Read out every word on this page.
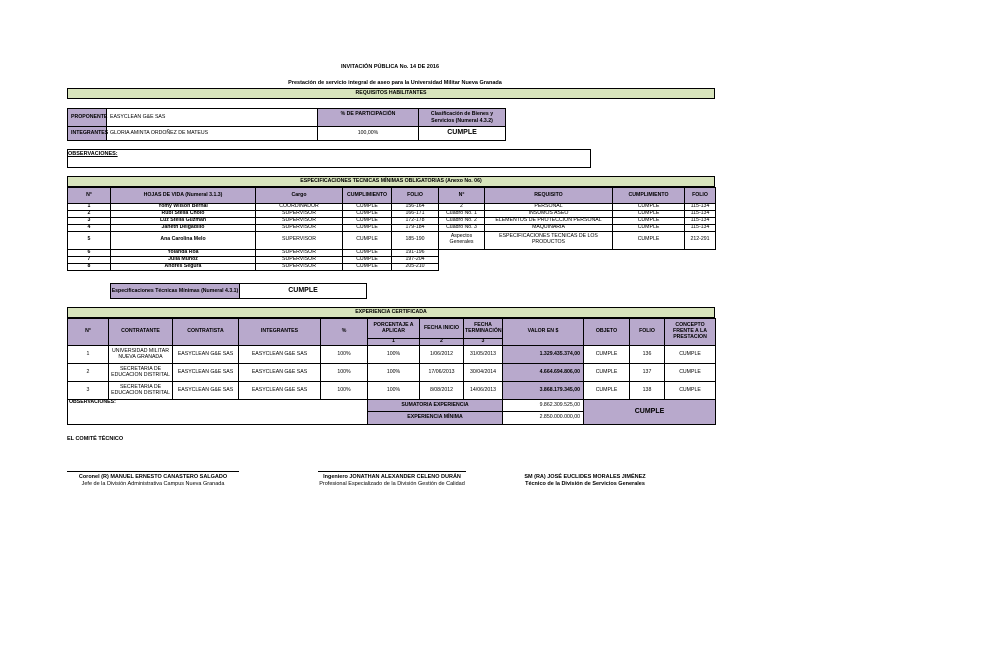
INVITACIÓN PÚBLICA No. 14 DE 2016
Prestación de servicio integral de aseo para la Universidad Militar Nueva Granada
REQUISITOS HABILITANTES
PROPONENTE EASYCLEAN G&E SAS
% DE PARTICIPACIÓN	Clasificación de Bienes y Servicios (Numeral 4.3.2)
INTEGRANTES GLORIA AMINTA ORDOÑEZ DE MATEUS	100,00%	CUMPLE
OBSERVACIONES:
ESPECIFICACIONES TECNICAS MÍNIMAS OBLIGATORIAS (Anexo No. 06)
N°	HOJAS DE VIDA (Numeral 3.1.3)	Cargo	CUMPLIMIENTO	FOLIO	N°	REQUISITO	CUMPLIMIENTO	FOLIO
1	Yomy Wilson Bernal	COORDINADOR	CUMPLE	156-164	2	PERSONAL	CUMPLE	115-134
2	Rubi Stella Cholo	SUPERVISOR	CUMPLE	166-171	Cuadro No. 1	INSUMOS ASEO	CUMPLE	115-134
3	Luz Stella Guzman	SUPERVISOR	CUMPLE	172-178	Cuadro No. 2	ELEMENTOS DE PROTECCION PERSONAL	CUMPLE	115-134
4	Janeth Delgadillo	SUPERVISOR	CUMPLE	179-184	Cuadro No. 3	MAQUINARIA	CUMPLE	115-134
5	Ana Carolina Melo	SUPERVISOR	CUMPLE	185-190	Aspectos Generales	ESPECIFICACIONES TECNICAS DE LOS PRODUCTOS	CUMPLE	212-291
6	Yolanda Roa	SUPERVISOR	CUMPLE	191-196				
7	Julia Muñoz	SUPERVISOR	CUMPLE	197-204				
8	Andres Segura	SUPERVISOR	CUMPLE	205-210				
Especificaciones Técnicas Mínimas (Numeral 4.3.1)	CUMPLE
EXPERIENCIA CERTIFICADA
N°	CONTRATANTE	CONTRATISTA	INTEGRANTES	%	PORCENTAJE A APLICAR	FECHA INICIO	FECHA TERMINACIÓN	VALOR EN $	OBJETO	FOLIO	CONCEPTO FRENTE A LA PRESTACION
					1	2	3				
1	UNIVERSIDAD MILITAR NUEVA GRANADA	EASYCLEAN G&E SAS	EASYCLEAN G&E SAS	100%	100%	1/06/2012	31/05/2013	1.329.435.374,00	CUMPLE	136	CUMPLE
2	SECRETARIA DE EDUCACION DISTRITAL	EASYCLEAN G&E SAS	EASYCLEAN G&E SAS	100%	100%	17/06/2013	30/04/2014	4.664.694.806,00	CUMPLE	137	CUMPLE
3	SECRETARIA DE EDUCACION DISTRITAL	EASYCLEAN G&E SAS	EASYCLEAN G&E SAS	100%	100%	8/08/2012	14/06/2013	3.868.179.345,00	CUMPLE	138	CUMPLE
OBSERVACIONES:					SUMATORIA EXPERIENCIA			9.862.309.525,00	CUMPLE		
					EXPERIENCIA MÍNIMA			2.850.000.000,00			
EL COMITÉ TÉCNICO
Coronel (R) MANUEL ERNESTO CANASTERO SALGADO
Jefe de la División Administrativa Campus Nueva Granada
Ingeniero JONATHAN ALEXANDER CELENO DURÁN
Profesional Especializado de la División Gestión de Calidad
SM (RA) JOSÉ EUCLIDES MORALES JIMÉNEZ
Técnico de la División de Servicios Generales
